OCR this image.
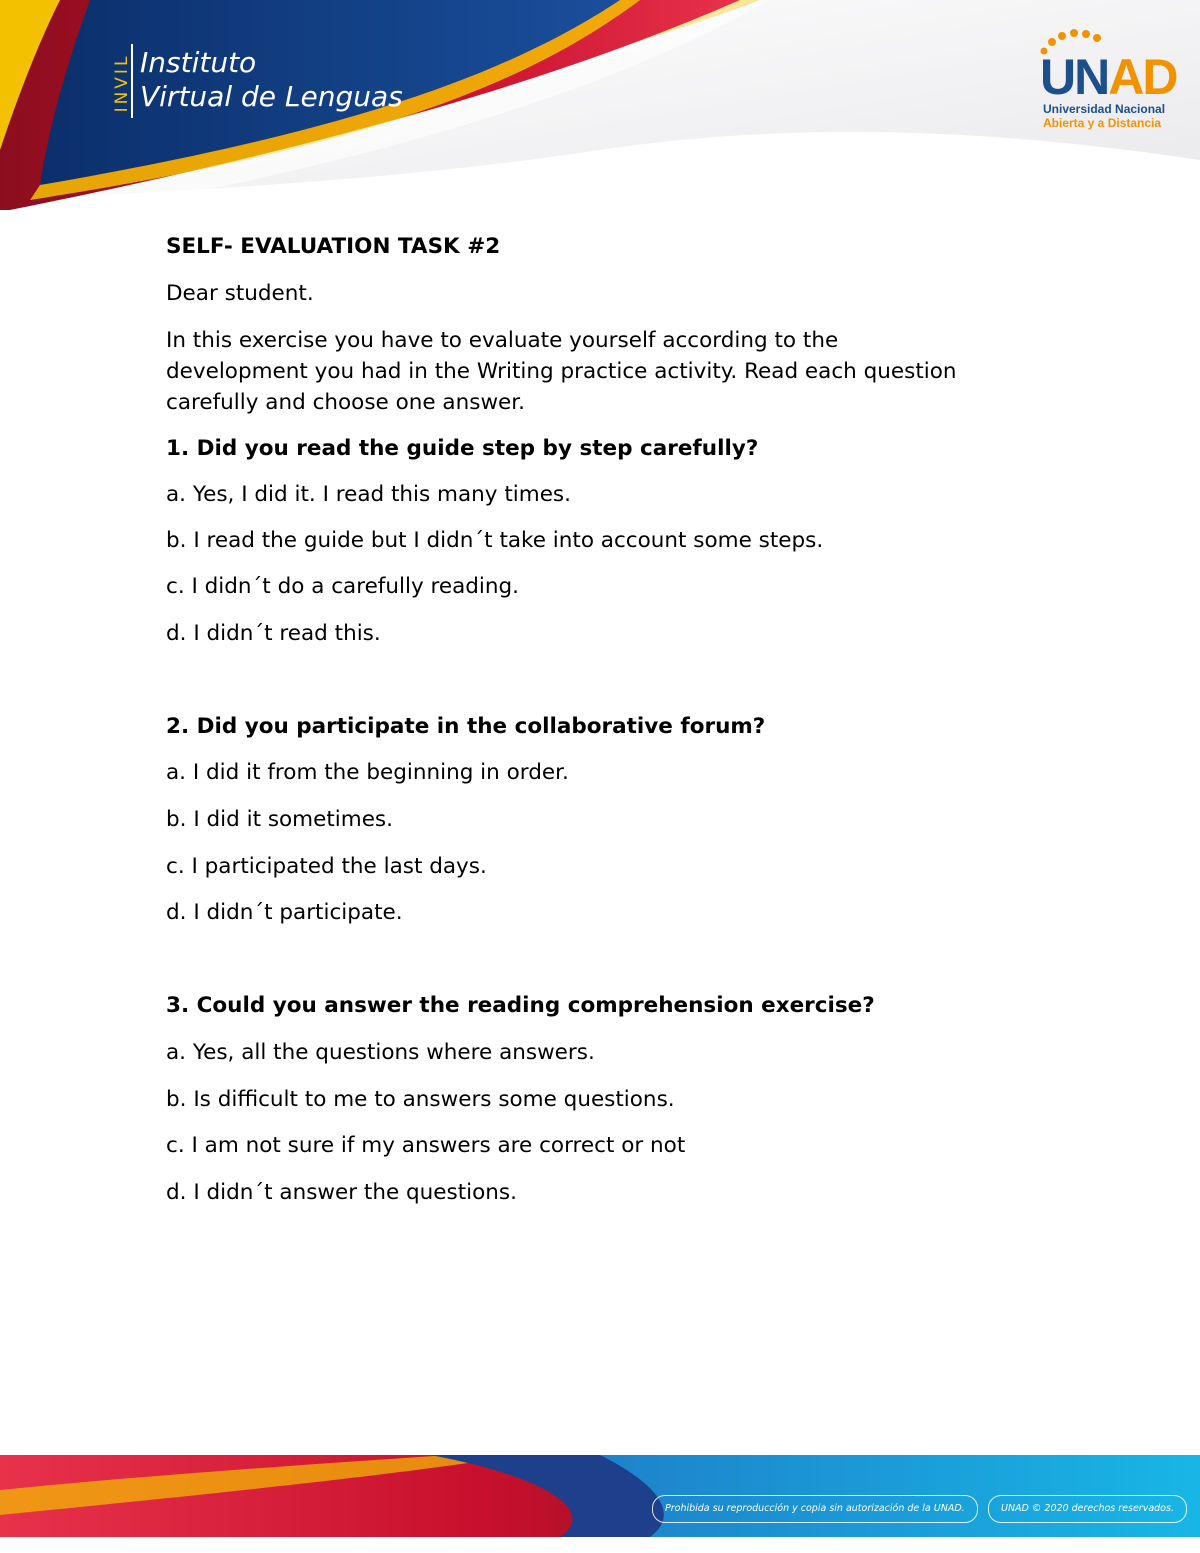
INVIL Instituto
Virtual de Lenguas	UNAD
Universidad Nacional
Abierta y a Distancia

SELF- EVALUATION TASK #2

Dear student.

In this exercise you have to evaluate yourself according to the development you had in the Writing practice activity. Read each question carefully and choose one answer.

1. Did you read the guide step by step carefully?

a. Yes, I did it. I read this many times.

b. I read the guide but I didn´t take into account some steps.

c. I didn´t do a carefully reading.

d. I didn´t read this.

2. Did you participate in the collaborative forum?

a. I did it from the beginning in order.

b. I did it sometimes.

c. I participated the last days.

d. I didn´t participate.

3. Could you answer the reading comprehension exercise?

a. Yes, all the questions where answers.

b. Is difficult to me to answers some questions.

c. I am not sure if my answers are correct or not

d. I didn´t answer the questions.

Prohibida su reproducción y copia sin autorización de la UNAD.	UNAD © 2020 derechos reservados.
